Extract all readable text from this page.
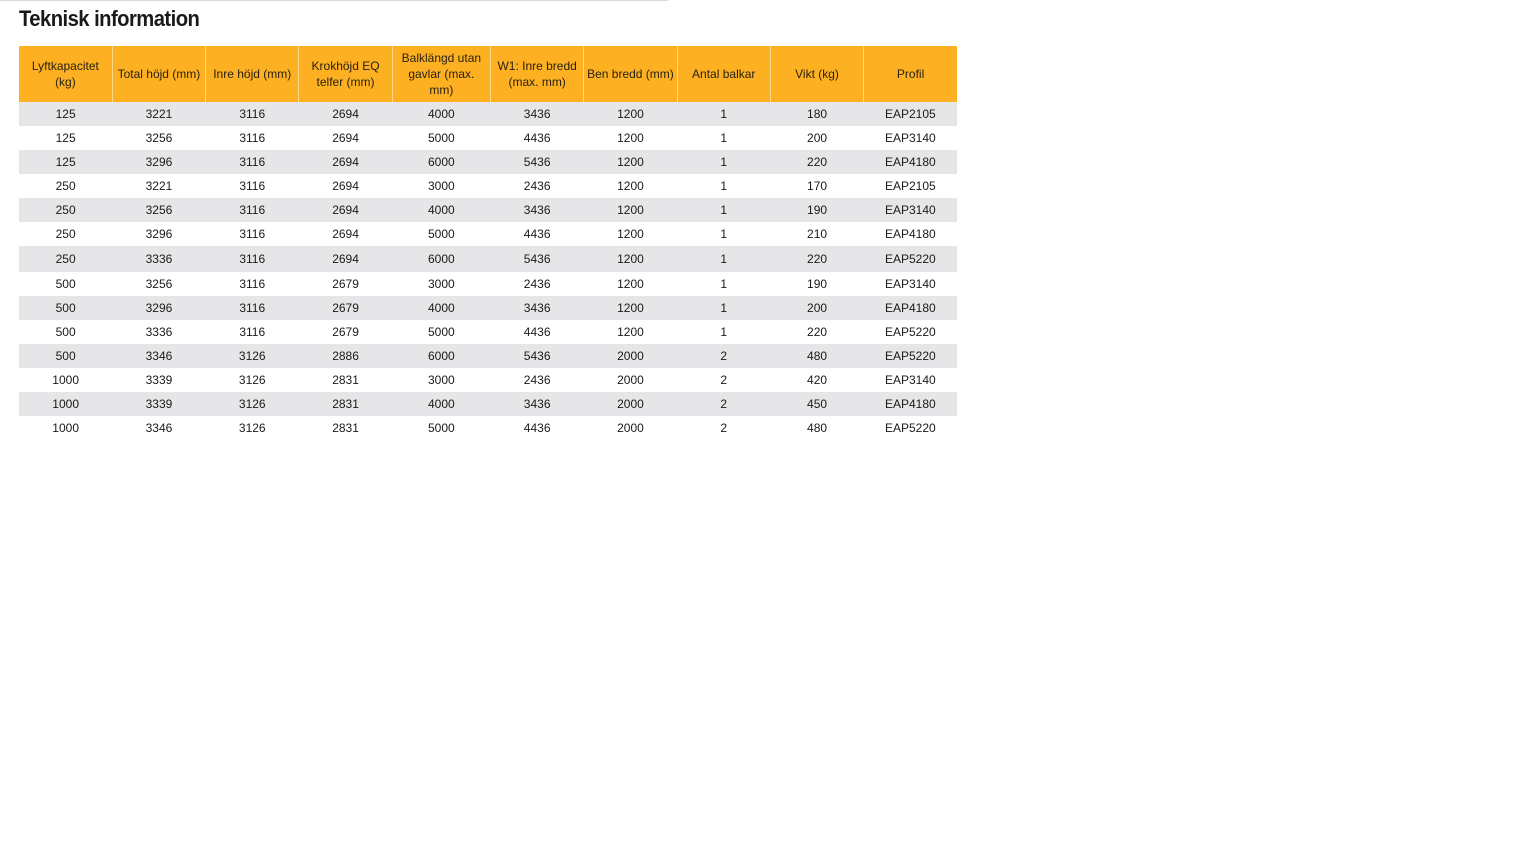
Teknisk information
Lyftkapacitet (kg)	Total höjd (mm)	Inre höjd (mm)	Krokhöjd EQ telfer (mm)	Balklängd utan gavlar (max. mm)	W1: Inre bredd (max. mm)	Ben bredd (mm)	Antal balkar	Vikt (kg)	Profil
125	3221	3116	2694	4000	3436	1200	1	180	EAP2105
125	3256	3116	2694	5000	4436	1200	1	200	EAP3140
125	3296	3116	2694	6000	5436	1200	1	220	EAP4180
250	3221	3116	2694	3000	2436	1200	1	170	EAP2105
250	3256	3116	2694	4000	3436	1200	1	190	EAP3140
250	3296	3116	2694	5000	4436	1200	1	210	EAP4180
250	3336	3116	2694	6000	5436	1200	1	220	EAP5220
500	3256	3116	2679	3000	2436	1200	1	190	EAP3140
500	3296	3116	2679	4000	3436	1200	1	200	EAP4180
500	3336	3116	2679	5000	4436	1200	1	220	EAP5220
500	3346	3126	2886	6000	5436	2000	2	480	EAP5220
1000	3339	3126	2831	3000	2436	2000	2	420	EAP3140
1000	3339	3126	2831	4000	3436	2000	2	450	EAP4180
1000	3346	3126	2831	5000	4436	2000	2	480	EAP5220
